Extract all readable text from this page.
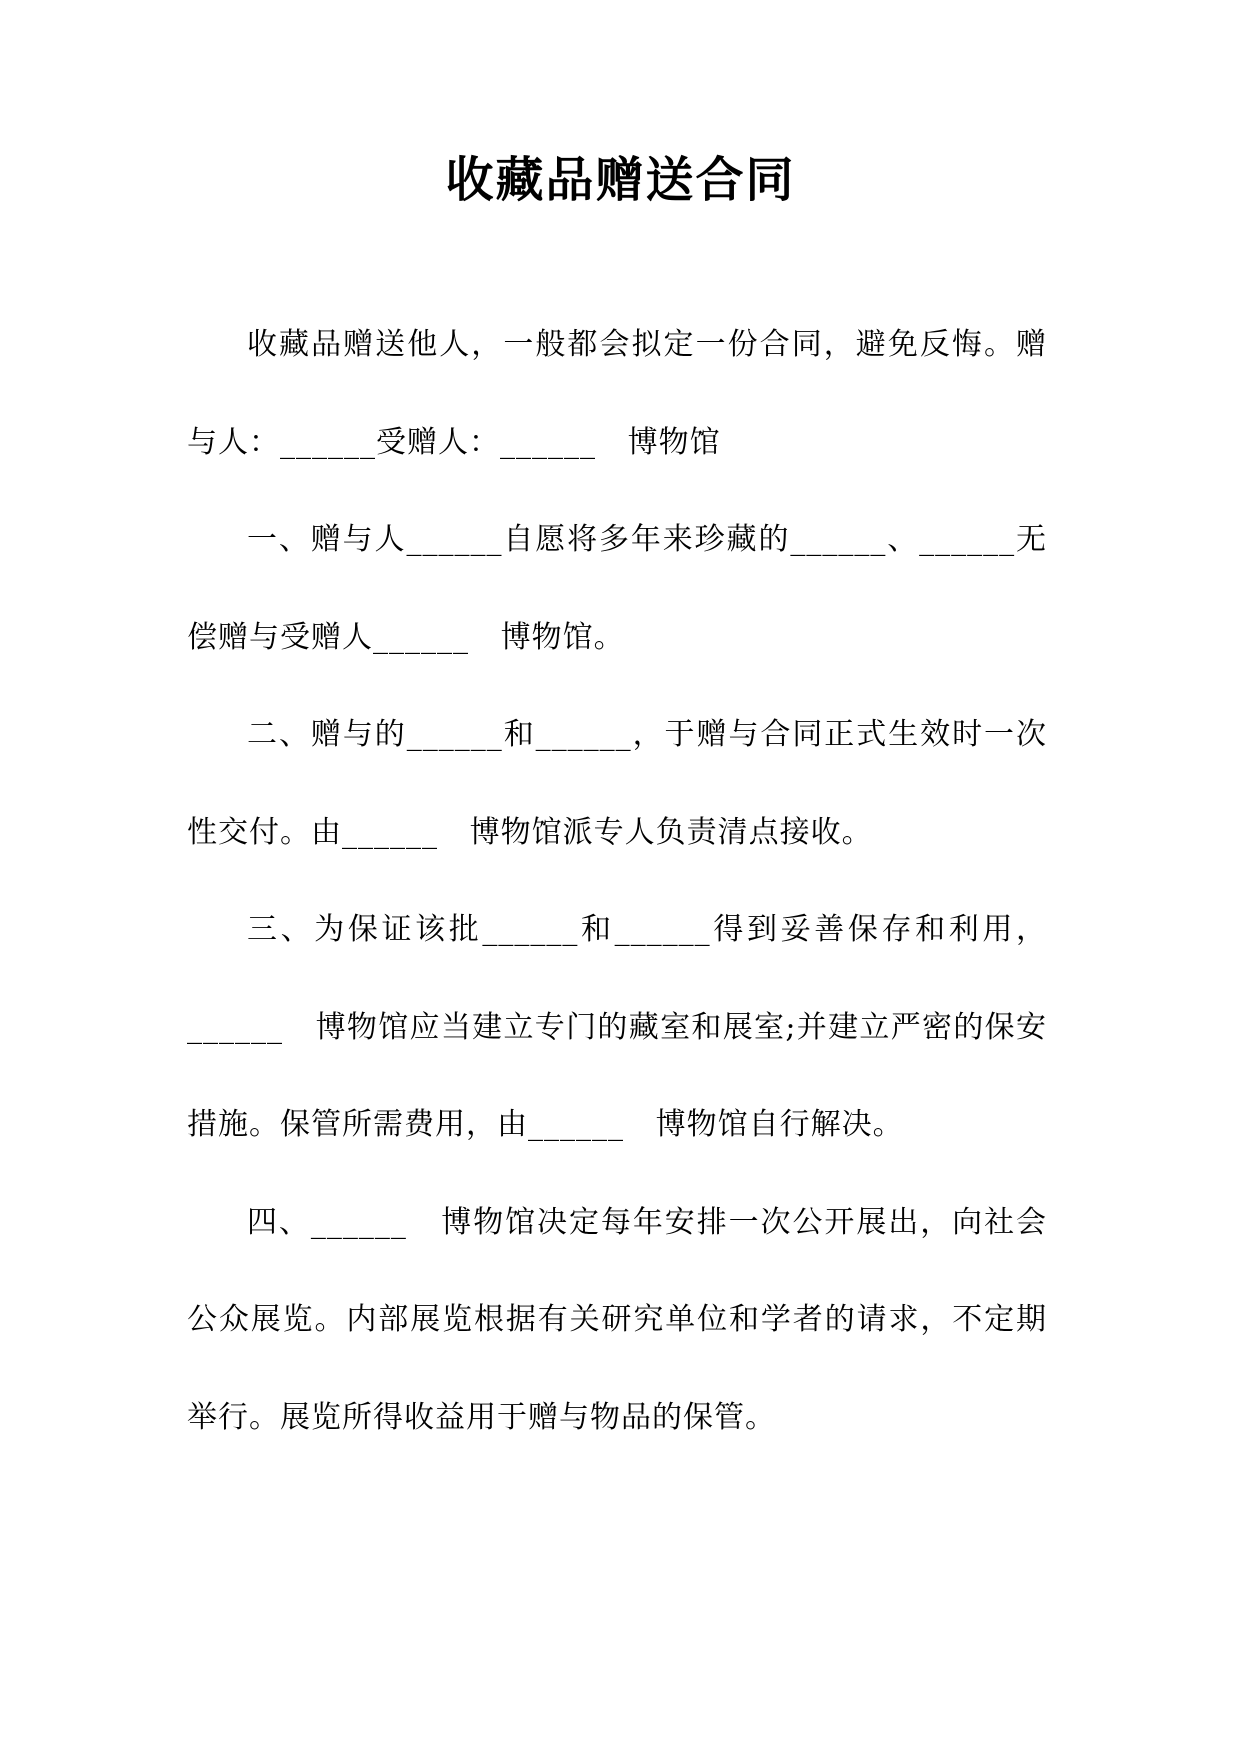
收藏品赠送合同

收藏品赠送他人，一般都会拟定一份合同，避免反悔。赠与人：______受赠人：______   博物馆

一、赠与人______自愿将多年来珍藏的______、______无偿赠与受赠人______   博物馆。

二、赠与的______和______，于赠与合同正式生效时一次性交付。由______   博物馆派专人负责清点接收。

三、为保证该批______和______得到妥善保存和利用，______   博物馆应当建立专门的藏室和展室;并建立严密的保安措施。保管所需费用，由______   博物馆自行解决。

四、______   博物馆决定每年安排一次公开展出，向社会公众展览。内部展览根据有关研究单位和学者的请求，不定期举行。展览所得收益用于赠与物品的保管。
